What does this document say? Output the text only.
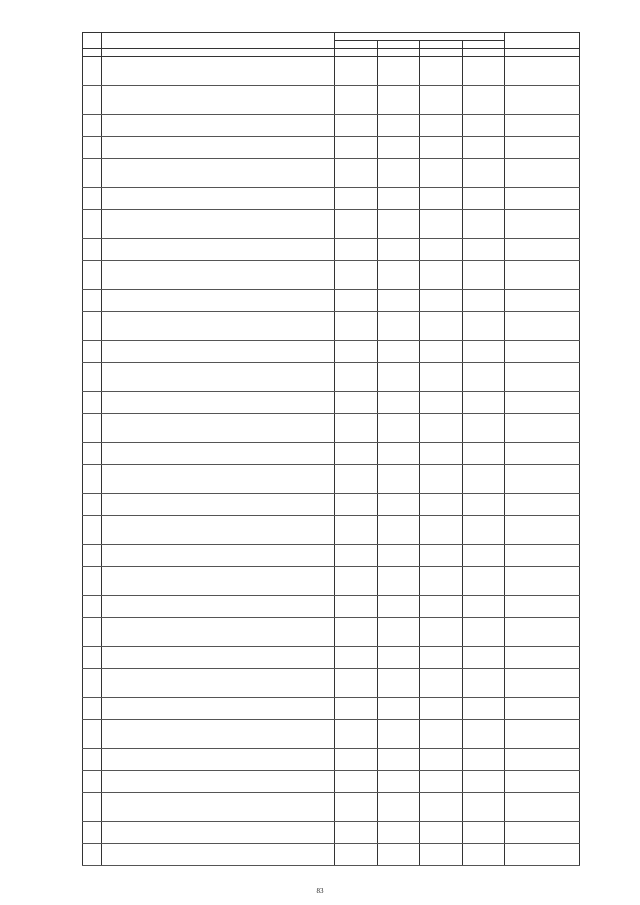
83
